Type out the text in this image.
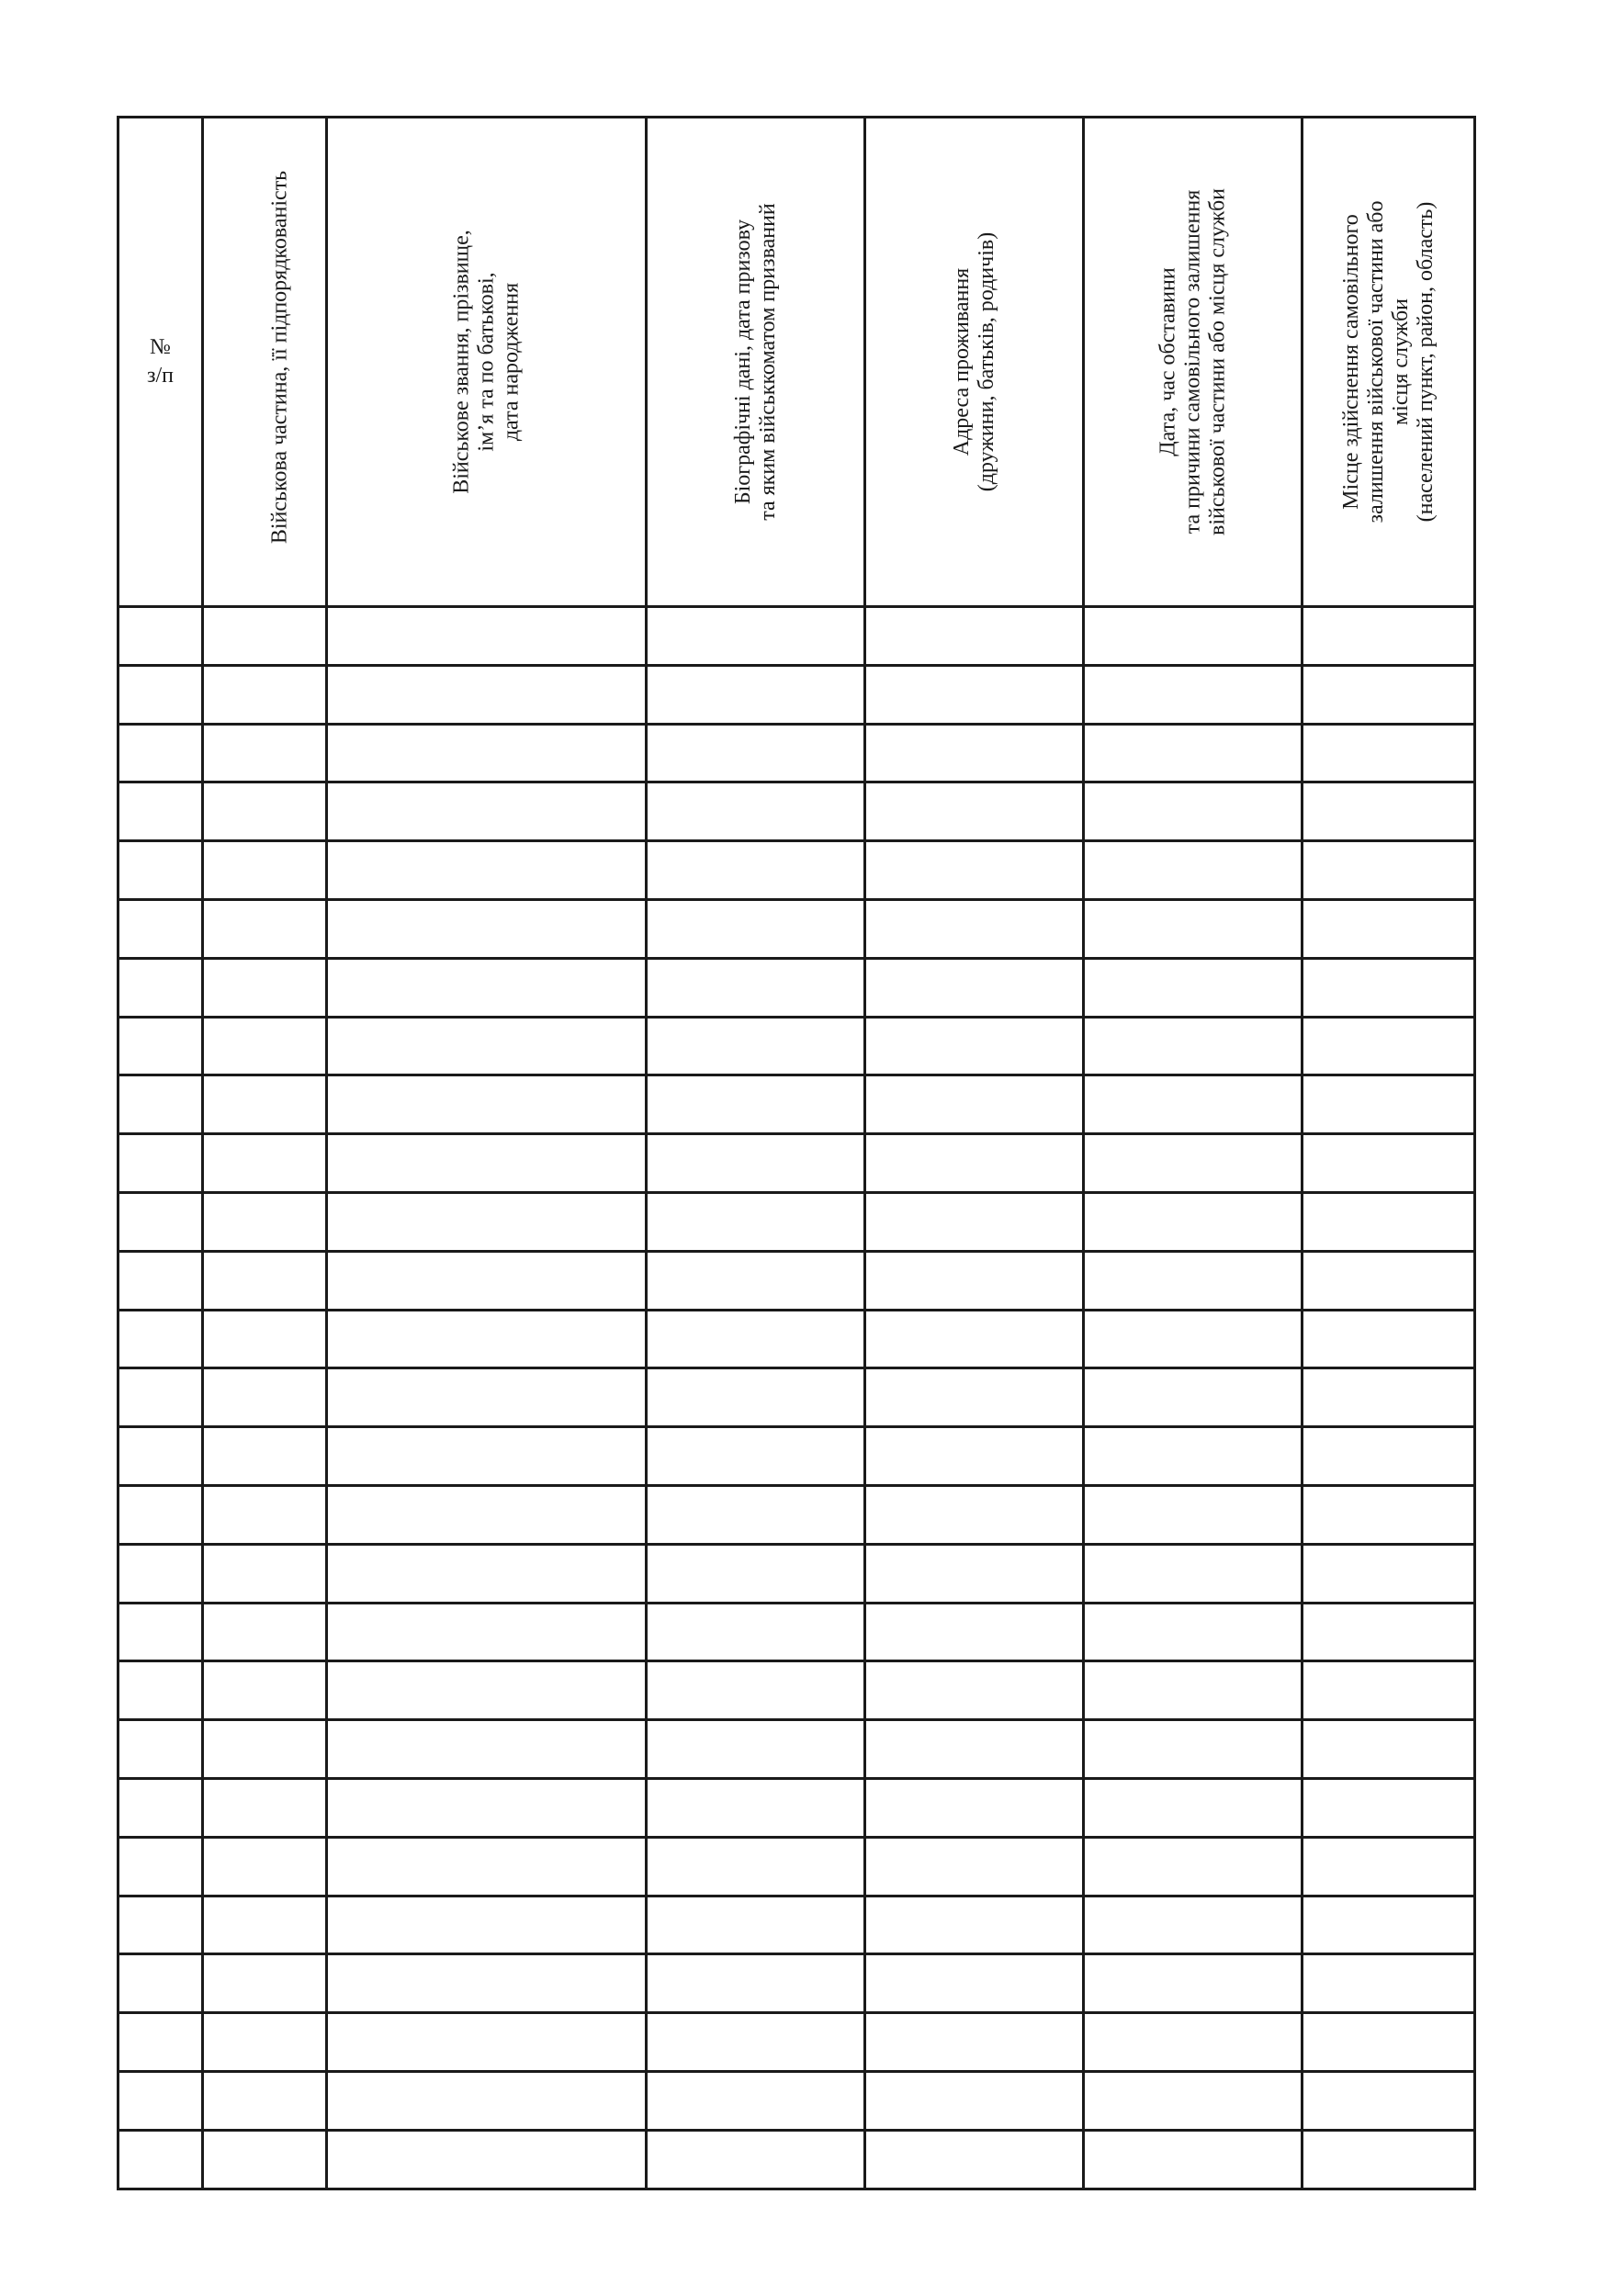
№
з/п	Військова частина, її підпорядкованість	Військове звання, прізвище,
ім’я та по батькові,
дата народження	Біографічні дані, дата призову
та яким військкоматом призваний	Адреса проживання
(дружини, батьків, родичів)	Дата, час обставини
та причини самовільного залишення
військової частини або місця служби	Місце здійснення самовільного
залишення військової частини або
місця служби
(населений пункт, район, область)
